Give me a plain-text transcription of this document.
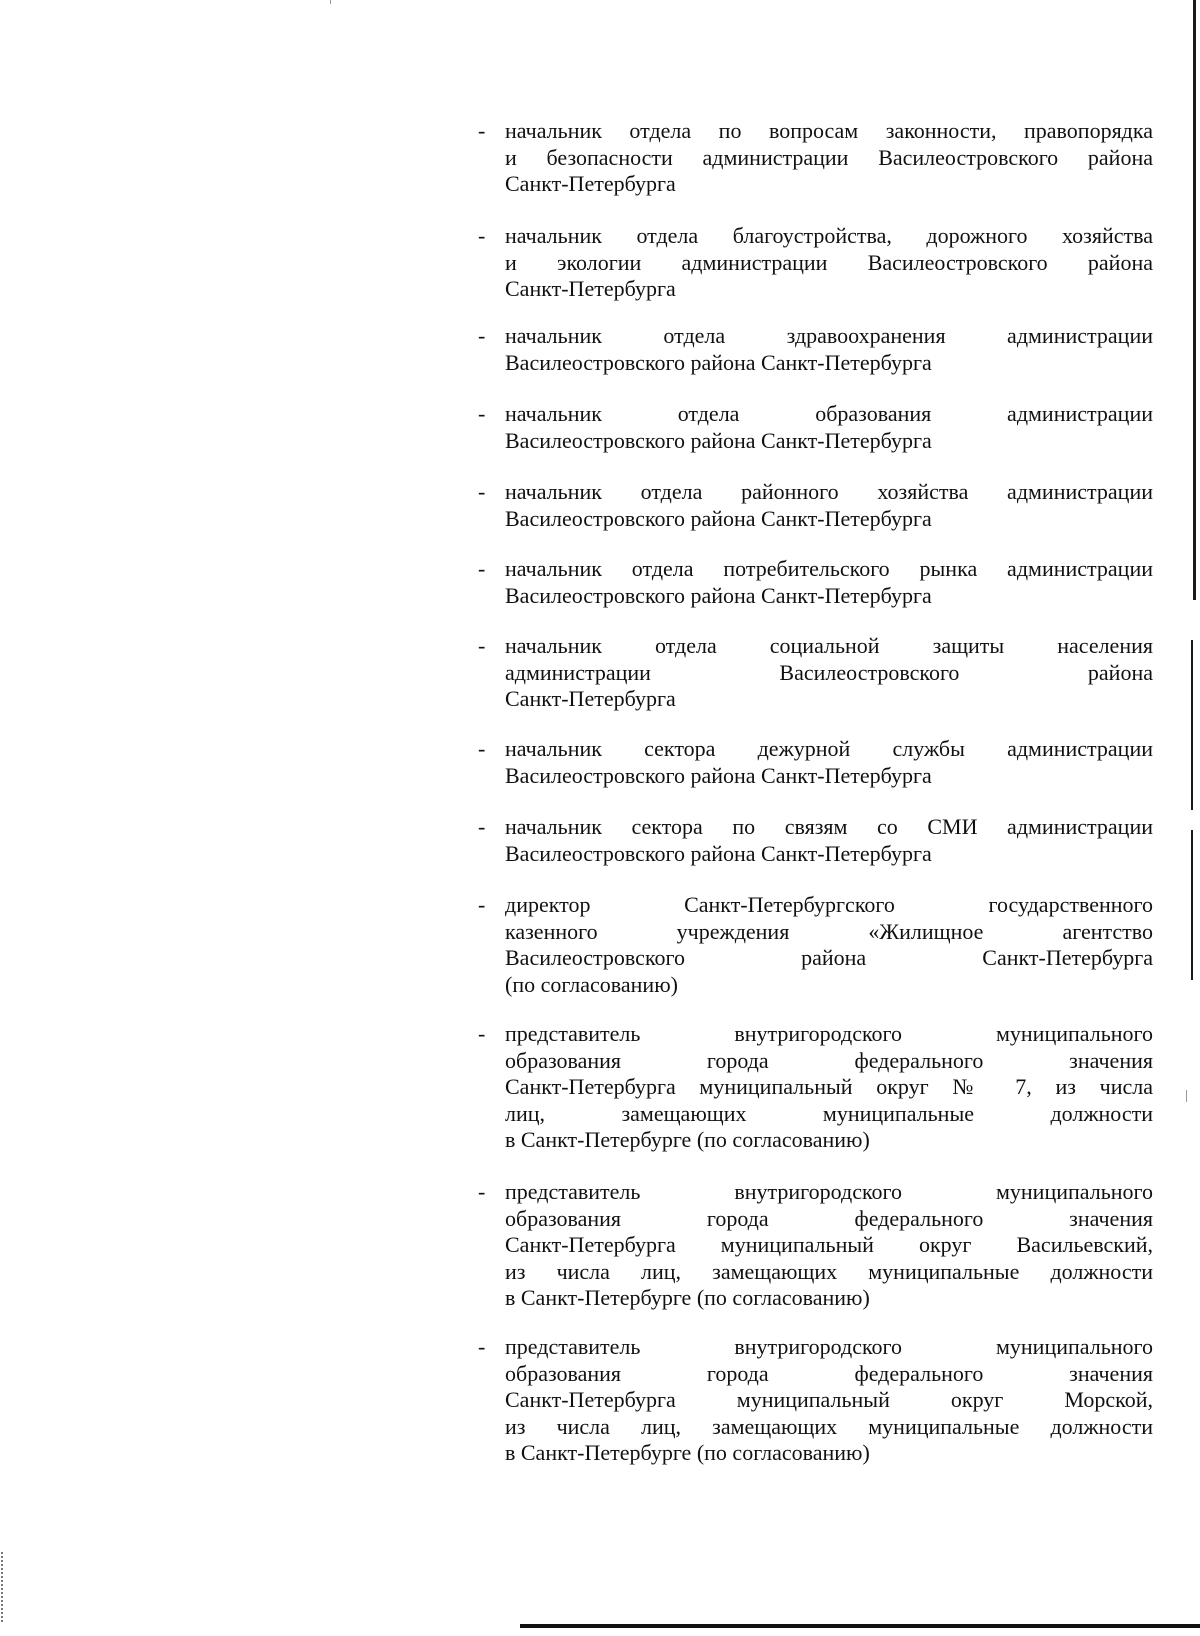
- начальник отдела по вопросам законности, правопорядка
и безопасности администрации Василеостровского района
Санкт-Петербурга
- начальник отдела благоустройства, дорожного хозяйства
и экологии администрации Василеостровского района
Санкт-Петербурга
- начальник отдела здравоохранения администрации
Василеостровского района Санкт-Петербурга
- начальник отдела образования администрации
Василеостровского района Санкт-Петербурга
- начальник отдела районного хозяйства администрации
Василеостровского района Санкт-Петербурга
- начальник отдела потребительского рынка администрации
Василеостровского района Санкт-Петербурга
- начальник отдела социальной защиты населения
администрации Василеостровского района
Санкт-Петербурга
- начальник сектора дежурной службы администрации
Василеостровского района Санкт-Петербурга
- начальник сектора по связям со СМИ администрации
Василеостровского района Санкт-Петербурга
- директор Санкт-Петербургского государственного
казенного учреждения «Жилищное агентство
Василеостровского района Санкт-Петербурга
(по согласованию)
- представитель внутригородского муниципального
образования города федерального значения
Санкт-Петербурга муниципальный округ № 7, из числа
лиц, замещающих муниципальные должности
в Санкт-Петербурге (по согласованию)
- представитель внутригородского муниципального
образования города федерального значения
Санкт-Петербурга муниципальный округ Васильевский,
из числа лиц, замещающих муниципальные должности
в Санкт-Петербурге (по согласованию)
- представитель внутригородского муниципального
образования города федерального значения
Санкт-Петербурга муниципальный округ Морской,
из числа лиц, замещающих муниципальные должности
в Санкт-Петербурге (по согласованию)
